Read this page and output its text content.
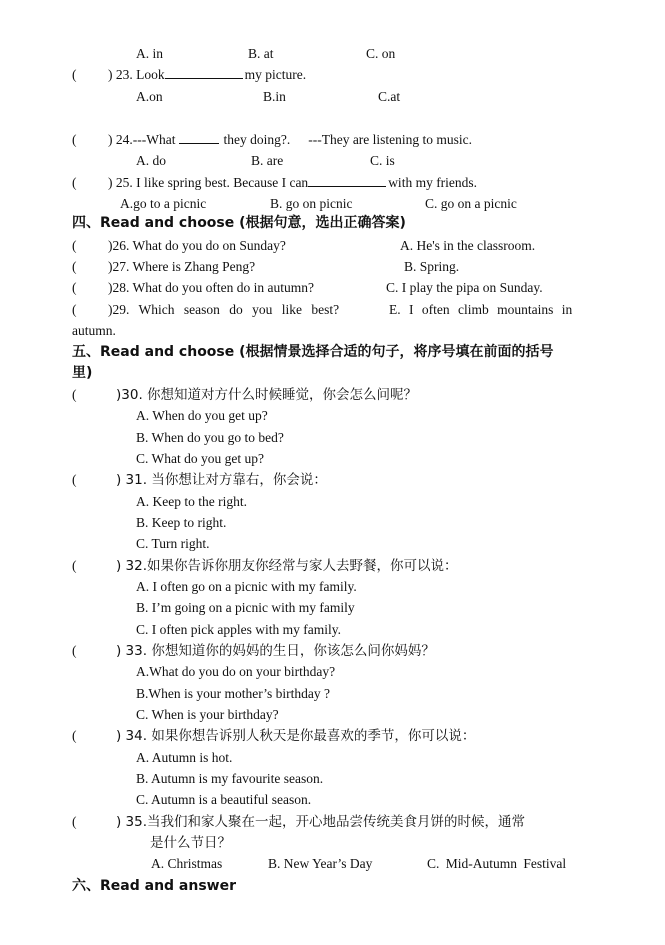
A. in	B. at	C. on
( ) 23. Look	my picture.
A.on	B.in	C.at
( ) 24.---What	they doing?. ---They are listening to music.
A. do	B. are	C. is
( ) 25. I like spring best. Because I can	with my friends.
A.go to a picnic	B. go on picnic	C. go on a picnic
四、Read and choose (根据句意，选出正确答案)
( )26. What do you do on Sunday?	A. He's in the classroom.
( )27. Where is Zhang Peng?	B. Spring.
( )28. What do you often do in autumn?	C. I play the pipa on Sunday.
( )29. Which season do you like best?	E. I often climb mountains in
autumn.
五、Read and choose (根据情景选择合适的句子，将序号填在前面的括号
里)
(	)30. 你想知道对方什么时候睡觉，你会怎么问呢？
A. When do you get up?
B. When do you go to bed?
C. What do you get up?
(	) 31. 当你想让对方靠右，你会说：
A. Keep to the right.
B. Keep to right.
C. Turn right.
(	) 32.如果你告诉你朋友你经常与家人去野餐，你可以说：
A. I often go on a picnic with my family.
B. I’m going on a picnic with my family
C. I often pick apples with my family.
(	) 33. 你想知道你的妈妈的生日，你该怎么问你妈妈？
A.What do you do on your birthday?
B.When is your mother’s birthday ?
C. When is your birthday?
(	) 34. 如果你想告诉别人秋天是你最喜欢的季节，你可以说：
A. Autumn is hot.
B. Autumn is my favourite season.
C. Autumn is a beautiful season.
(	) 35.当我们和家人聚在一起，开心地品尝传统美食月饼的时候，通常
是什么节日？
A. Christmas	B. New Year’s Day	C. Mid-Autumn Festival
六、Read and answer
